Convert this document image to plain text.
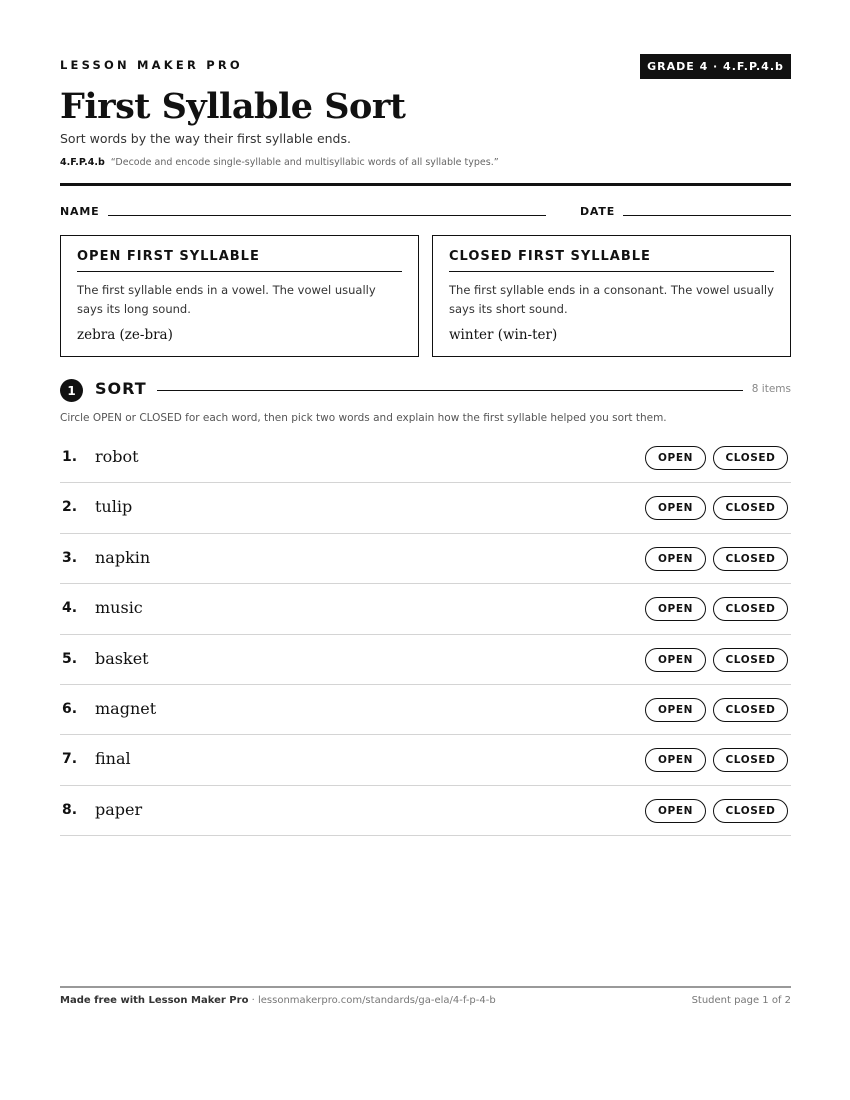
LESSON MAKER PRO	GRADE 4 · 4.F.P.4.b
First Syllable Sort
Sort words by the way their first syllable ends.
4.F.P.4.b “Decode and encode single-syllable and multisyllabic words of all syllable types.”
NAME	DATE
OPEN FIRST SYLLABLE
The first syllable ends in a vowel. The vowel usually says its long sound.
zebra (ze-bra)
CLOSED FIRST SYLLABLE
The first syllable ends in a consonant. The vowel usually says its short sound.
winter (win-ter)
1	SORT	8 items
Circle OPEN or CLOSED for each word, then pick two words and explain how the first syllable helped you sort them.
1. robot	OPEN	CLOSED
2. tulip	OPEN	CLOSED
3. napkin	OPEN	CLOSED
4. music	OPEN	CLOSED
5. basket	OPEN	CLOSED
6. magnet	OPEN	CLOSED
7. final	OPEN	CLOSED
8. paper	OPEN	CLOSED
Made free with Lesson Maker Pro · lessonmakerpro.com/standards/ga-ela/4-f-p-4-b	Student page 1 of 2
